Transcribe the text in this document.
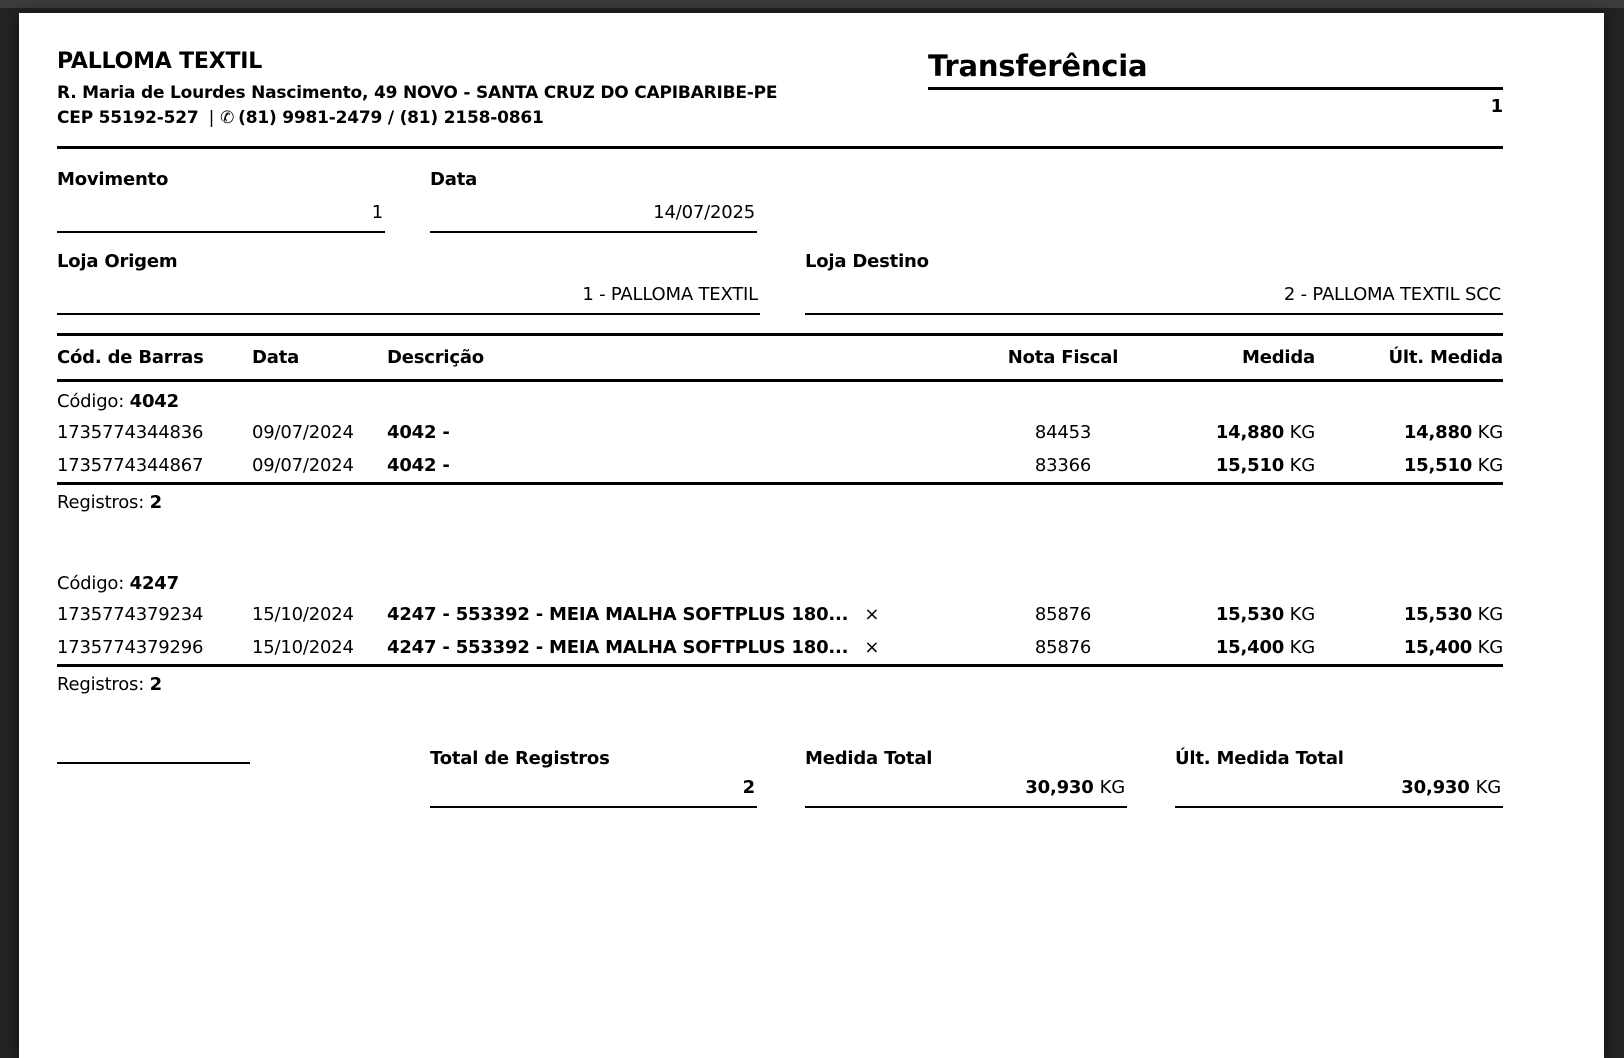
PALLOMA TEXTIL
R. Maria de Lourdes Nascimento, 49 NOVO - SANTA CRUZ DO CAPIBARIBE-PE
CEP 55192-527 | ✆ (81) 9981-2479 / (81) 2158-0861
Transferência
1
Movimento
1
Data
14/07/2025
Loja Origem
1 - PALLOMA TEXTIL
Loja Destino
2 - PALLOMA TEXTIL SCC
Cód. de Barras	Data	Descrição	Nota Fiscal	Medida	Últ. Medida
Código: 4042
1735774344836	09/07/2024	4042 -	84453	14,880 KG	14,880 KG
1735774344867	09/07/2024	4042 -	83366	15,510 KG	15,510 KG
Registros: 2
Código: 4247
1735774379234	15/10/2024	4247 - 553392 - MEIA MALHA SOFTPLUS 180... ×	85876	15,530 KG	15,530 KG
1735774379296	15/10/2024	4247 - 553392 - MEIA MALHA SOFTPLUS 180... ×	85876	15,400 KG	15,400 KG
Registros: 2
Total de Registros
2
Medida Total
30,930 KG
Últ. Medida Total
30,930 KG
